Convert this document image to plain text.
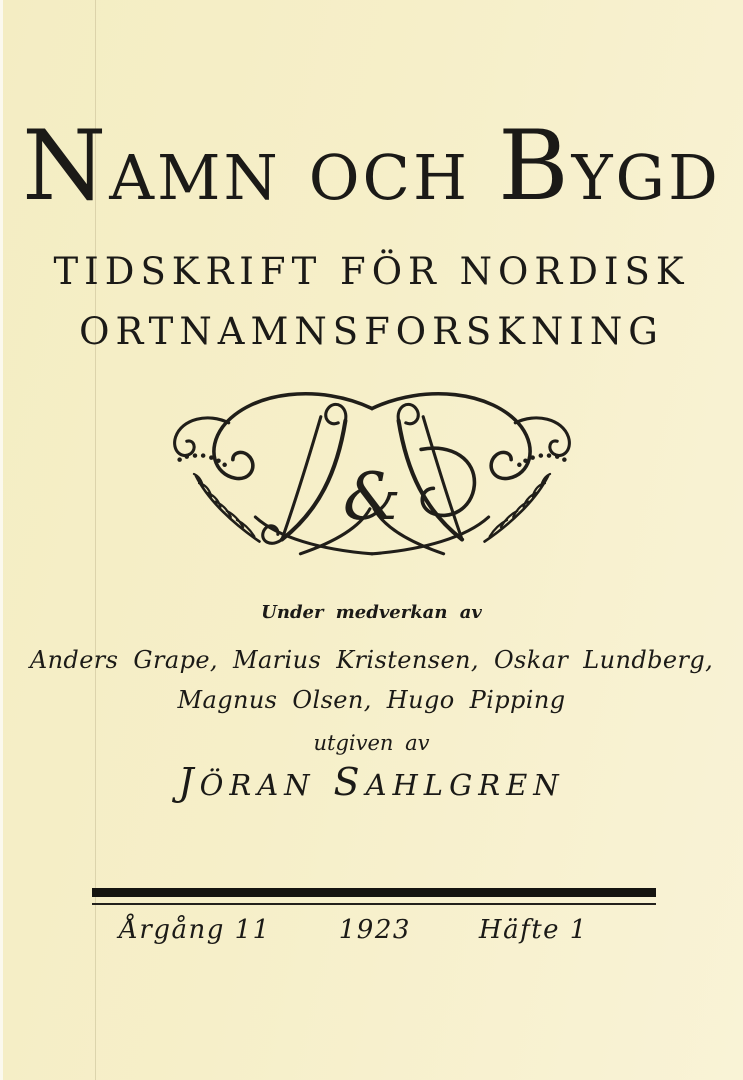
NAMN OCH BYGD
TIDSKRIFT FÖR NORDISK
ORTNAMNSFORSKNING
&
Under medverkan av
Anders Grape, Marius Kristensen, Oskar Lundberg,
Magnus Olsen, Hugo Pipping
utgiven av
JÖRAN SAHLGREN
Årgång 11	1923	Häfte 1
